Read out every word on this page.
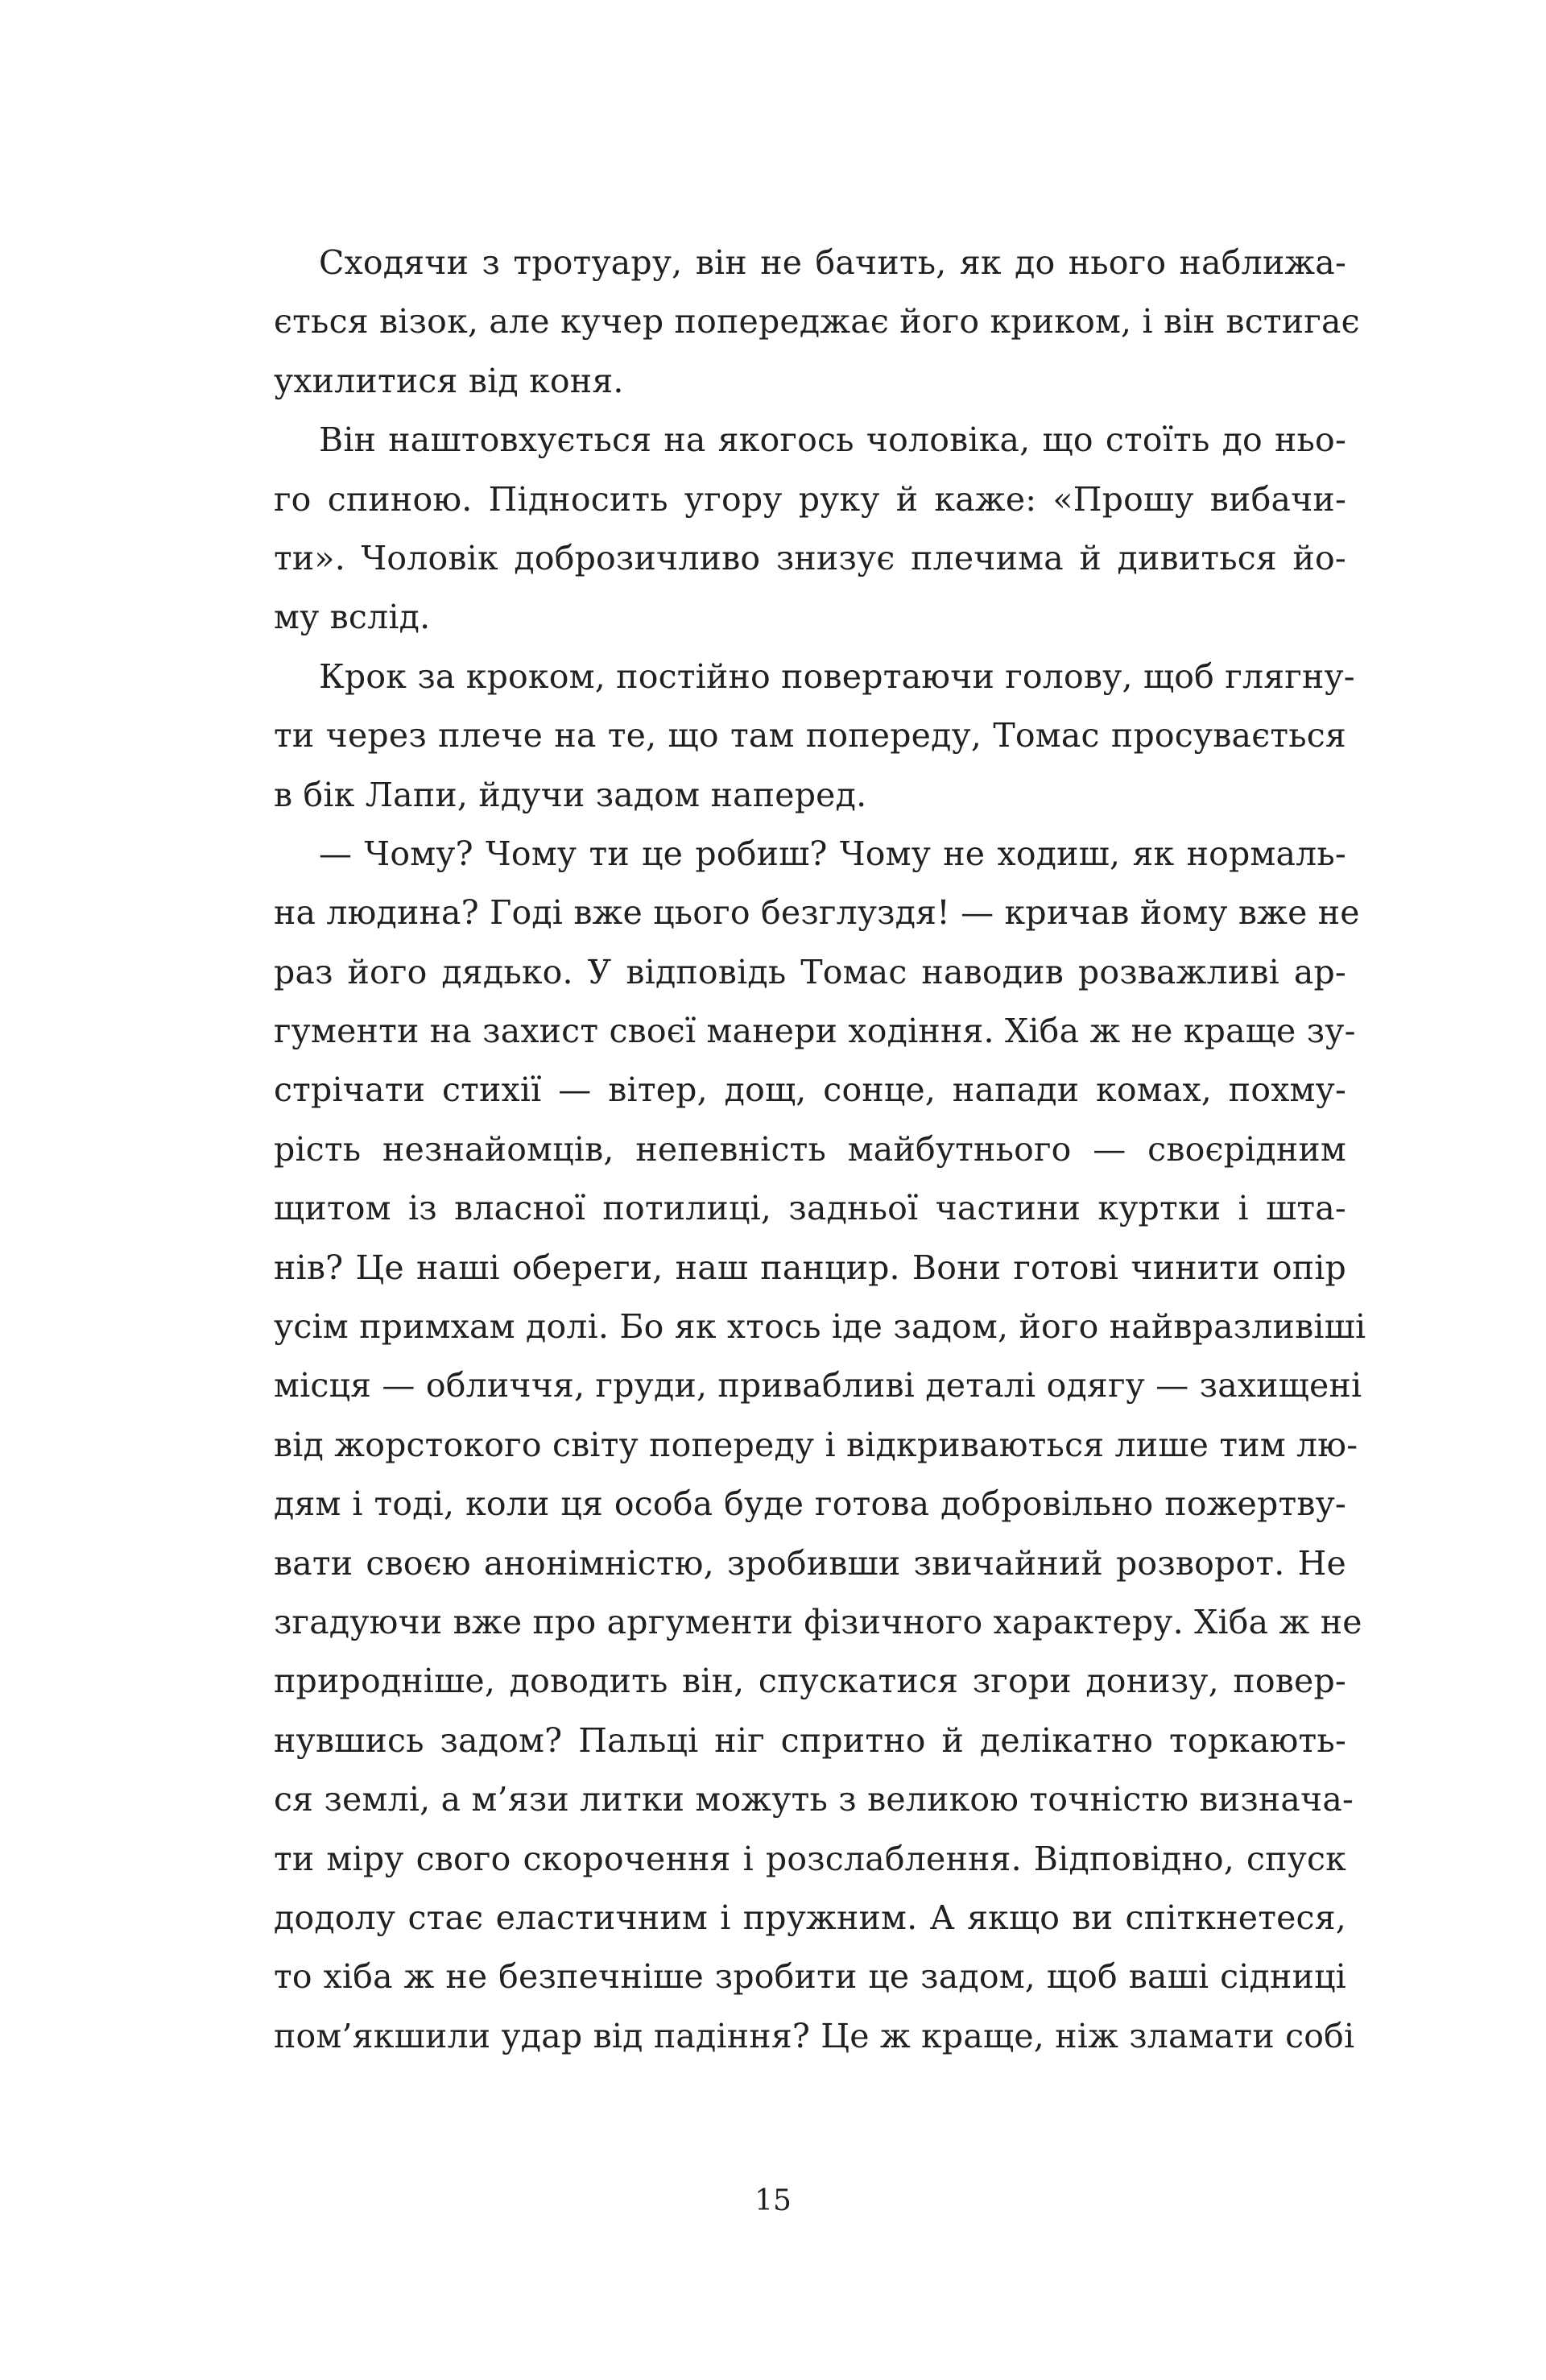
Сходячи з тротуару, він не бачить, як до нього наближа-
ється візок, але кучер попереджає його криком, і він встигає
ухилитися від коня.
Він наштовхується на якогось чоловіка, що стоїть до ньо-
го спиною. Підносить угору руку й каже: «Прошу вибачи-
ти». Чоловік доброзичливо знизує плечима й дивиться йо-
му вслід.
Крок за кроком, постійно повертаючи голову, щоб глягну-
ти через плече на те, що там попереду, Томас просувається
в бік Лапи, йдучи задом наперед.
— Чому? Чому ти це робиш? Чому не ходиш, як нормаль-
на людина? Годі вже цього безглуздя! — кричав йому вже не
раз його дядько. У відповідь Томас наводив розважливі ар-
гументи на захист своєї манери ходіння. Хіба ж не краще зу-
стрічати стихії — вітер, дощ, сонце, напади комах, похму-
рість незнайомців, непевність майбутнього — своєрідним
щитом із власної потилиці, задньої частини куртки і шта-
нів? Це наші обереги, наш панцир. Вони готові чинити опір
усім примхам долі. Бо як хтось іде задом, його найвразливіші
місця — обличчя, груди, привабливі деталі одягу — захищені
від жорстокого світу попереду і відкриваються лише тим лю-
дям і тоді, коли ця особа буде готова добровільно пожертву-
вати своєю анонімністю, зробивши звичайний розворот. Не
згадуючи вже про аргументи фізичного характеру. Хіба ж не
природніше, доводить він, спускатися згори донизу, повер-
нувшись задом? Пальці ніг спритно й делікатно торкають-
ся землі, а м’язи литки можуть з великою точністю визнача-
ти міру свого скорочення і розслаблення. Відповідно, спуск
додолу стає еластичним і пружним. А якщо ви спіткнетеся,
то хіба ж не безпечніше зробити це задом, щоб ваші сідниці
пом’якшили удар від падіння? Це ж краще, ніж зламати собі
15
